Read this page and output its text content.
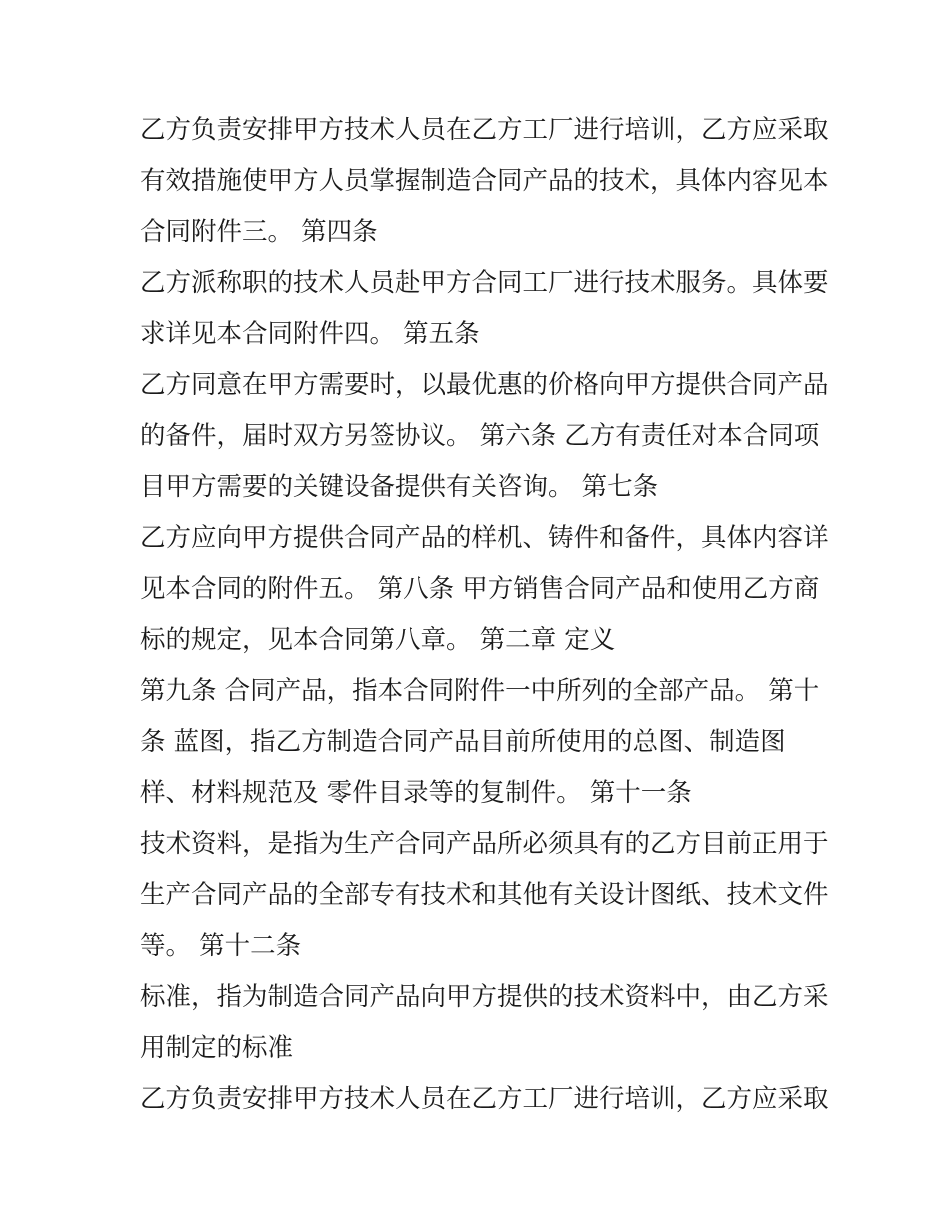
乙方负责安排甲方技术人员在乙方工厂进行培训，乙方应采取
有效措施使甲方人员掌握制造合同产品的技术，具体内容见本
合同附件三。 第四条
乙方派称职的技术人员赴甲方合同工厂进行技术服务。具体要
求详见本合同附件四。 第五条
乙方同意在甲方需要时，以最优惠的价格向甲方提供合同产品
的备件，届时双方另签协议。 第六条 乙方有责任对本合同项
目甲方需要的关键设备提供有关咨询。 第七条
乙方应向甲方提供合同产品的样机、铸件和备件，具体内容详
见本合同的附件五。 第八条 甲方销售合同产品和使用乙方商
标的规定，见本合同第八章。 第二章 定义
第九条 合同产品，指本合同附件一中所列的全部产品。 第十
条 蓝图，指乙方制造合同产品目前所使用的总图、制造图
样、材料规范及 零件目录等的复制件。 第十一条
技术资料，是指为生产合同产品所必须具有的乙方目前正用于
生产合同产品的全部专有技术和其他有关设计图纸、技术文件
等。 第十二条
标准，指为制造合同产品向甲方提供的技术资料中，由乙方采
用制定的标准
乙方负责安排甲方技术人员在乙方工厂进行培训，乙方应采取
